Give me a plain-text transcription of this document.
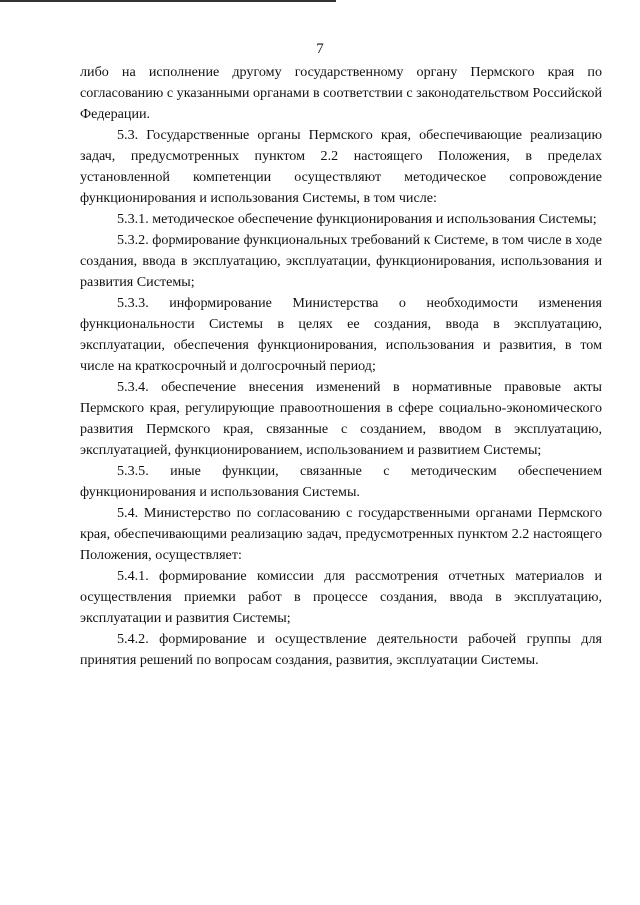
7

либо на исполнение другому государственному органу Пермского края по согласованию с указанными органами в соответствии с законодательством Российской Федерации.

5.3. Государственные органы Пермского края, обеспечивающие реализацию задач, предусмотренных пунктом 2.2 настоящего Положения, в пределах установленной компетенции осуществляют методическое сопровождение функционирования и использования Системы, в том числе:

5.3.1. методическое обеспечение функционирования и использования Системы;

5.3.2. формирование функциональных требований к Системе, в том числе в ходе создания, ввода в эксплуатацию, эксплуатации, функционирования, использования и развития Системы;

5.3.3. информирование Министерства о необходимости изменения функциональности Системы в целях ее создания, ввода в эксплуатацию, эксплуатации, обеспечения функционирования, использования и развития, в том числе на краткосрочный и долгосрочный период;

5.3.4. обеспечение внесения изменений в нормативные правовые акты Пермского края, регулирующие правоотношения в сфере социально-экономического развития Пермского края, связанные с созданием, вводом в эксплуатацию, эксплуатацией, функционированием, использованием и развитием Системы;

5.3.5. иные функции, связанные с методическим обеспечением функционирования и использования Системы.

5.4. Министерство по согласованию с государственными органами Пермского края, обеспечивающими реализацию задач, предусмотренных пунктом 2.2 настоящего Положения, осуществляет:

5.4.1. формирование комиссии для рассмотрения отчетных материалов и осуществления приемки работ в процессе создания, ввода в эксплуатацию, эксплуатации и развития Системы;

5.4.2. формирование и осуществление деятельности рабочей группы для принятия решений по вопросам создания, развития, эксплуатации Системы.
